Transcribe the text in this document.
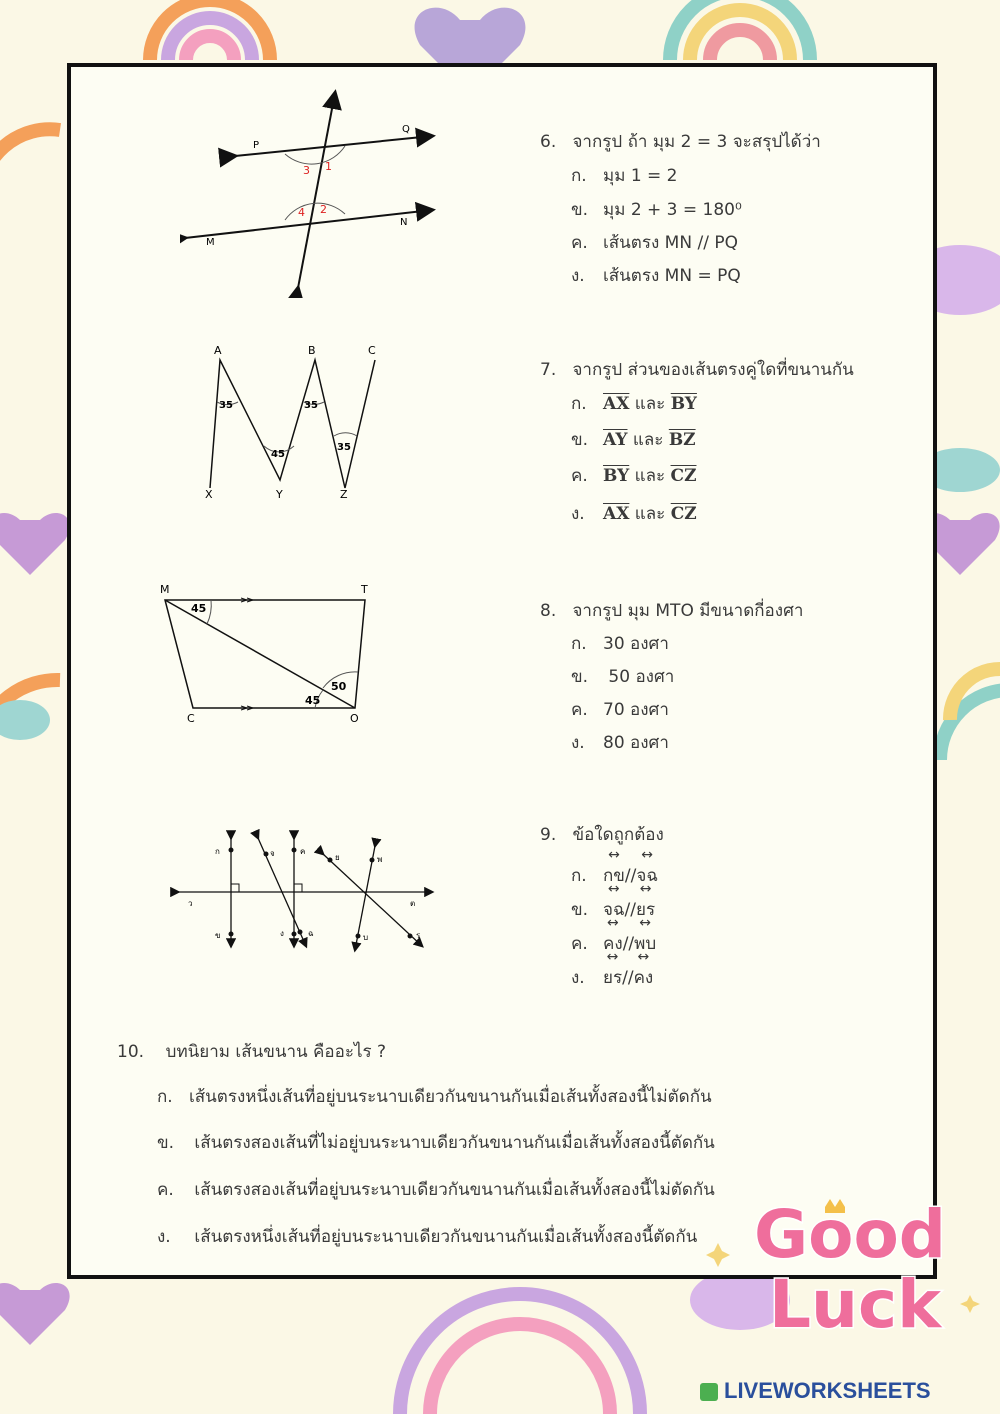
P
Q
M
N
1
3
2
4
6. จากรูป ถ้า มุม 2 = 3 จะสรุปได้ว่า
ก. มุม 1 = 2
ข. มุม 2 + 3 = 180⁰
ค. เส้นตรง MN // PQ
ง. เส้นตรง MN = PQ
A	B	C
X	Y	Z
35	35
45
35
7. จากรูป ส่วนของเส้นตรงคู่ใดที่ขนานกัน
ก. $\overline{AX}$ และ $\overline{BY}$
ข. $\overline{AY}$ และ $\overline{BZ}$
ค. $\overline{BY}$ และ $\overline{CZ}$
ง. $\overline{AX}$ และ $\overline{CZ}$
M	T
C	O
45
45
50
8. จากรูป มุม MTO มีขนาดกี่องศา
ก. 30 องศา
ข. 50 องศา
ค. 70 องศา
ง. 80 องศา
ก
ข
ค
ง
จ
ฉ
ย
ร
พ
บ
ว	ต
9. ข้อใดถูกต้อง
ก. ↔ กข//↔ จฉ
ข. ↔ จฉ//↔ ยร
ค. ↔ คง//↔ พบ
ง. ↔ ยร//↔ คง
10. บทนิยาม เส้นขนาน คืออะไร ?
ก. เส้นตรงหนึ่งเส้นที่อยู่บนระนาบเดียวกันขนานกันเมื่อเส้นทั้งสองนี้ไม่ตัดกัน
ข. เส้นตรงสองเส้นที่ไม่อยู่บนระนาบเดียวกันขนานกันเมื่อเส้นทั้งสองนี้ตัดกัน
ค. เส้นตรงสองเส้นที่อยู่บนระนาบเดียวกันขนานกันเมื่อเส้นทั้งสองนี้ไม่ตัดกัน
ง. เส้นตรงหนึ่งเส้นที่อยู่บนระนาบเดียวกันขนานกันเมื่อเส้นทั้งสองนี้ตัดกัน Good
Luck
LIVEWORKSHEETS
